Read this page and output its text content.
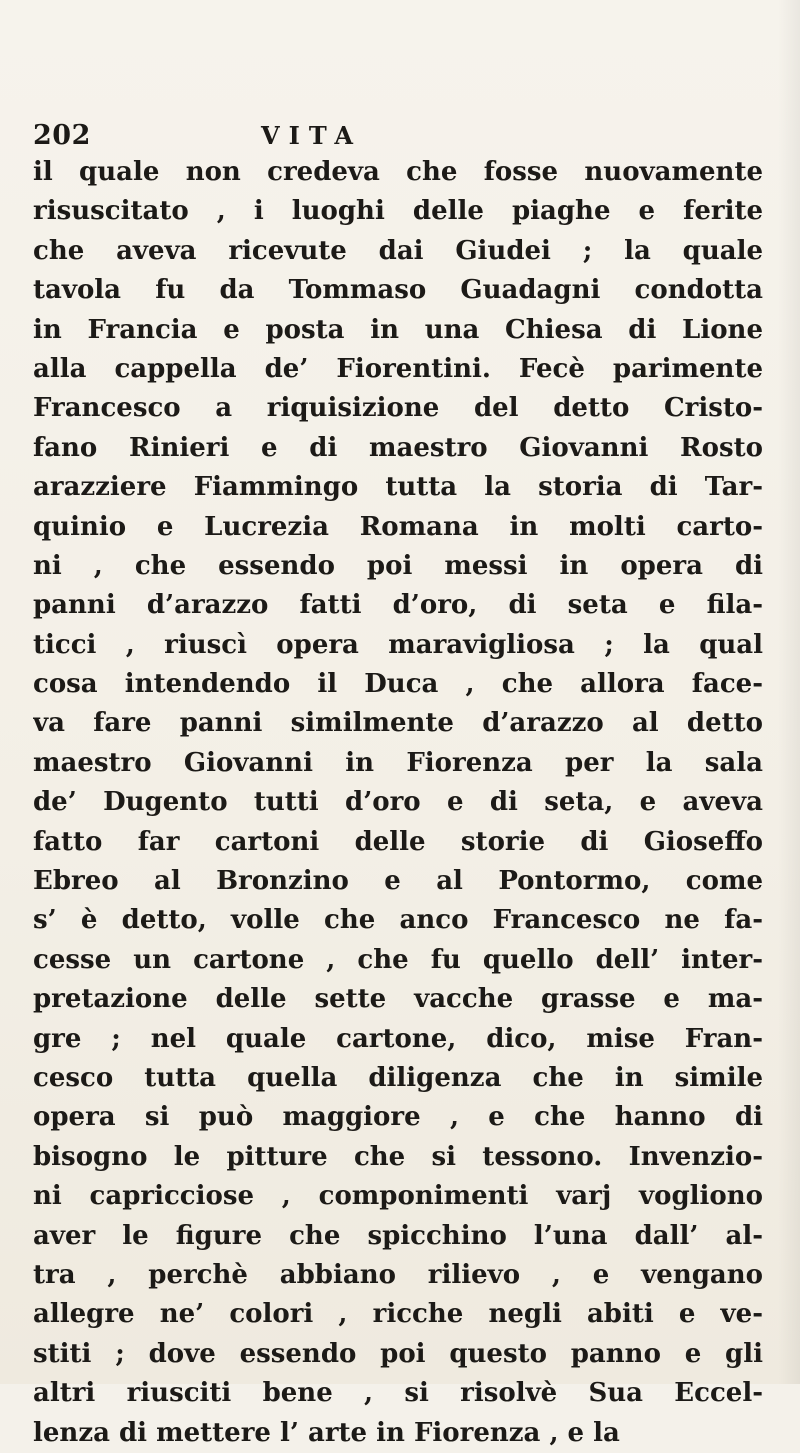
202	VITA
il quale non credeva che fosse nuovamente
risuscitato , i luoghi delle piaghe e ferite
che aveva ricevute dai Giudei ; la quale
tavola fu da Tommaso Guadagni condotta
in Francia e posta in una Chiesa di Lione
alla cappella de’ Fiorentini. Fecè parimente
Francesco a riquisizione del detto Cristo-
fano Rinieri e di maestro Giovanni Rosto
arazziere Fiammingo tutta la storia di Tar-
quinio e Lucrezia Romana in molti carto-
ni , che essendo poi messi in opera di
panni d’arazzo fatti d’oro, di seta e fila-
ticci , riuscì opera maravigliosa ; la qual
cosa intendendo il Duca , che allora face-
va fare panni similmente d’arazzo al detto
maestro Giovanni in Fiorenza per la sala
de’ Dugento tutti d’oro e di seta, e aveva
fatto far cartoni delle storie di Gioseffo
Ebreo al Bronzino e al Pontormo, come
s’ è detto, volle che anco Francesco ne fa-
cesse un cartone , che fu quello dell’ inter-
pretazione delle sette vacche grasse e ma-
gre ; nel quale cartone, dico, mise Fran-
cesco tutta quella diligenza che in simile
opera si può maggiore , e che hanno di
bisogno le pitture che si tessono. Invenzio-
ni capricciose , componimenti varj vogliono
aver le figure che spicchino l’una dall’ al-
tra , perchè abbiano rilievo , e vengano
allegre ne’ colori , ricche negli abiti e ve-
stiti ; dove essendo poi questo panno e gli
altri riusciti bene , si risolvè Sua Eccel-
lenza di mettere l’ arte in Fiorenza , e la
